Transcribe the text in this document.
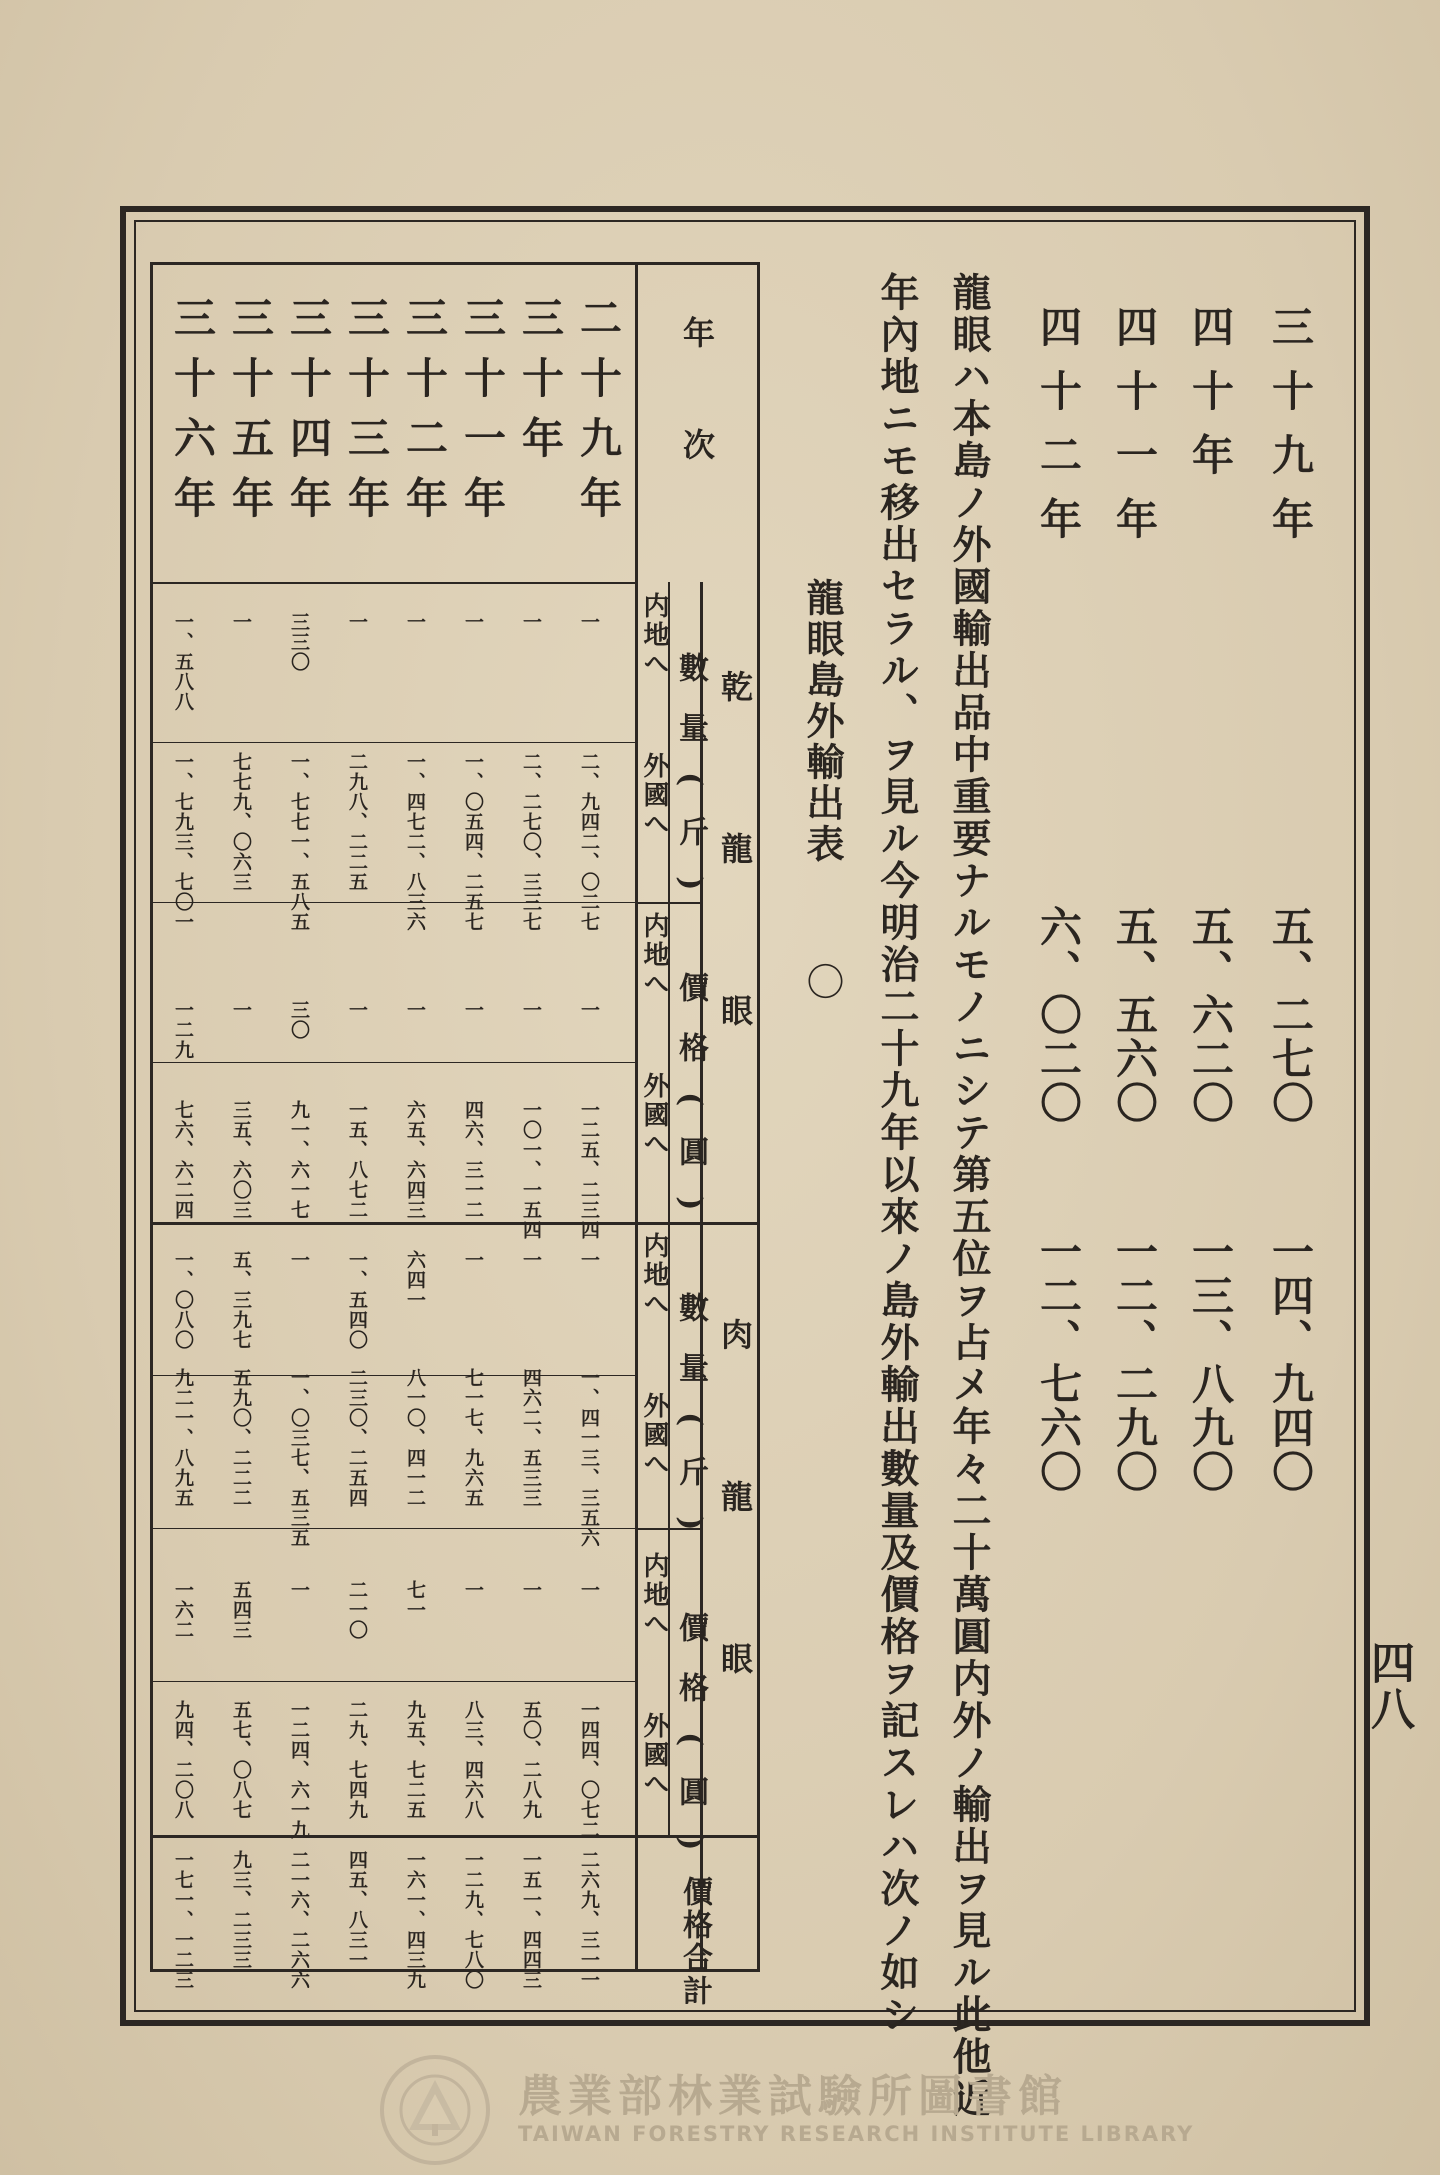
四八
三十九年
五、二七〇
一四、九四〇
四十年
五、六二〇
一三、八九〇
四十一年
五、五六〇
一二、二九〇
四十二年
六、〇二〇
一二、七六〇
龍眼ハ本島ノ外國輸出品中重要ナルモノニシテ第五位ヲ占メ年々二十萬圓内外ノ輸出ヲ見ル此他近
年內地ニモ移出セラル、ヲ見ル今明治二十九年以來ノ島外輸出數量及價格ヲ記スレハ次ノ如シ
龍眼島外輸出表
〇
年次
乾龍眼
肉龍眼
價格合計
數量(斤)
價格(圓)
内地へ
外國へ
内地へ
外國へ
數量(斤)
價格(圓)
内地へ
外國へ
内地へ
外國へ
二十九年
一
二、九四二、〇二七
一
一二五、二三四
一
一、四一三、三五六
一
一四四、〇七二
二六九、三一一
三十年
一
二、二七〇、三三七
一
一〇一、一五四
一
四六二、五三三
一
五〇、二八九
一五一、四四三
三十一年
一
一、〇五四、二五七
一
四六、三一二
一
七一七、九六五
一
八三、四六八
一二九、七八〇
三十二年
一
一、四七二、八三六
一
六五、六四三
六四一
八一〇、四一二
七一
九五、七二五
一六一、四三九
三十三年
一
二九八、二二五
一
一五、八七二
一、五四〇
二三〇、二五四
二一〇
二九、七四九
四五、八三一
三十四年
三三〇
一、七七一、五八五
三〇
九一、六一七
一
一、〇三七、五三五
一
一二四、六一九
二一六、二六六
三十五年
一
七七九、〇六三
一
三五、六〇三
五、三九七
五九〇、二二二
五四三
五七、〇八七
九三、二三三
三十六年
一、五八八
一、七九三、七〇一
一二九
七六、六二四
一、〇八〇
九二一、八九五
一六二
九四、二〇八
一七一、一二三
農業部林業試驗所圖書館
TAIWAN FORESTRY RESEARCH INSTITUTE LIBRARY
